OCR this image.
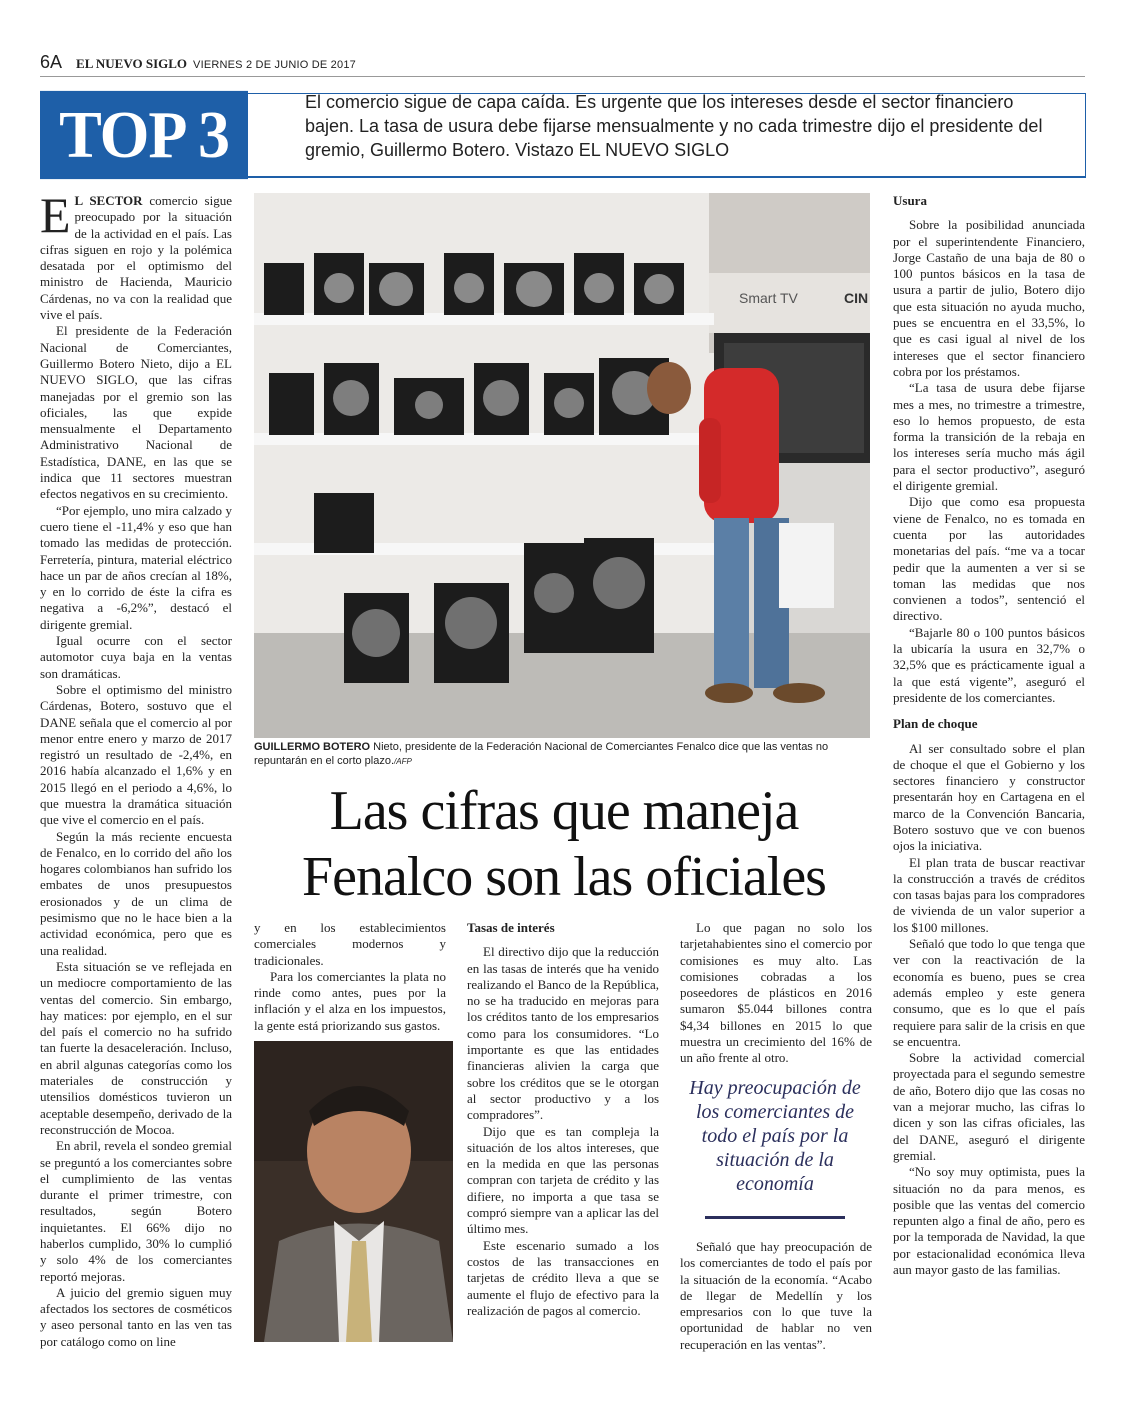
6A EL NUEVO SIGLO VIERNES 2 DE JUNIO DE 2017
TOP 3	El comercio sigue de capa caída. Es urgente que los intereses desde el sector financiero bajen. La tasa de usura debe fijarse mensualmente y no cada trimestre dijo el presidente del gremio, Guillermo Botero. Vistazo EL NUEVO SIGLO

E L SECTOR comercio sigue preocupado por la situación de la actividad en el país. Las cifras siguen en rojo y la polémica desatada por el optimismo del ministro de Hacienda, Mauricio Cárdenas, no va con la realidad que vive el país.

El presidente de la Federación Nacional de Comerciantes, Guillermo Botero Nieto, dijo a EL NUEVO SIGLO, que las cifras manejadas por el gremio son las oficiales, las que expide mensualmente el Departamento Administrativo Nacional de Estadística, DANE, en las que se indica que 11 sectores muestran efectos negativos en su crecimiento.

“Por ejemplo, uno mira calzado y cuero tiene el -11,4% y eso que han tomado las medidas de protección. Ferretería, pintura, material eléctrico hace un par de años crecían al 18%, y en lo corrido de éste la cifra es negativa a -6,2%”, destacó el dirigente gremial.

Igual ocurre con el sector automotor cuya baja en la ventas son dramáticas.

Sobre el optimismo del ministro Cárdenas, Botero, sostuvo que el DANE señala que el comercio al por menor entre enero y marzo de 2017 registró un resultado de -2,4%, en 2016 había alcanzado el 1,6% y en 2015 llegó en el periodo a 4,6%, lo que muestra la dramática situación que vive el comercio en el país.

Según la más reciente encuesta de Fenalco, en lo corrido del año los hogares colombianos han sufrido los embates de unos presupuestos erosionados y de un clima de pesimismo que no le hace bien a la actividad económica, pero que es una realidad.

Esta situación se ve reflejada en un mediocre comportamiento de las ventas del comercio. Sin embargo, hay matices: por ejemplo, en el sur del país el comercio no ha sufrido tan fuerte la desaceleración. Incluso, en abril algunas categorías como los materiales de construcción y utensilios domésticos tuvieron un aceptable desempeño, derivado de la reconstrucción de Mocoa.

En abril, revela el sondeo gremial se preguntó a los comerciantes sobre el cumplimiento de las ventas durante el primer trimestre, con resultados, según Botero inquietantes. El 66% dijo no haberlos cumplido, 30% lo cumplió y solo 4% de los comerciantes reportó mejoras.

A juicio del gremio siguen muy afectados los sectores de cosméticos y aseo personal tanto en las ven tas por catálogo como on line

Smart TV	CIN
GUILLERMO BOTERO Nieto, presidente de la Federación Nacional de Comerciantes Fenalco dice que las ventas no repuntarán en el corto plazo./AFP
Las cifras que maneja Fenalco son las oficiales

y en los establecimientos comerciales modernos y tradicionales.

Para los comerciantes la plata no rinde como antes, pues por la inflación y el alza en los impuestos, la gente está priorizando sus gastos.

Tasas de interés

El directivo dijo que la reducción en las tasas de interés que ha venido realizando el Banco de la República, no se ha traducido en mejoras para los créditos tanto de los empresarios como para los consumidores. “Lo importante es que las entidades financieras alivien la carga que sobre los créditos que se le otorgan al sector productivo y a los compradores”.

Dijo que es tan compleja la situación de los altos intereses, que en la medida en que las personas compran con tarjeta de crédito y las difiere, no importa a que tasa se compró siempre van a aplicar las del último mes.

Este escenario sumado a los costos de las transacciones en tarjetas de crédito lleva a que se aumente el flujo de efectivo para la realización de pagos al comercio.

Lo que pagan no solo los tarjetahabientes sino el comercio por comisiones es muy alto. Las comisiones cobradas a los poseedores de plásticos en 2016 sumaron $5.044 billones contra $4,34 billones en 2015 lo que muestra un crecimiento del 16% de un año frente al otro.

Hay preocupación de los comerciantes de todo el país por la situación de la economía

Señaló que hay preocupación de los comerciantes de todo el país por la situación de la economía. “Acabo de llegar de Medellín y los empresarios con lo que tuve la oportunidad de hablar no ven recuperación en las ventas”.

Usura

Sobre la posibilidad anunciada por el superintendente Financiero, Jorge Castaño de una baja de 80 o 100 puntos básicos en la tasa de usura a partir de julio, Botero dijo que esta situación no ayuda mucho, pues se encuentra en el 33,5%, lo que es casi igual al nivel de los intereses que el sector financiero cobra por los préstamos.

“La tasa de usura debe fijarse mes a mes, no trimestre a trimestre, eso lo hemos propuesto, de esta forma la transición de la rebaja en los intereses sería mucho más ágil para el sector productivo”, aseguró el dirigente gremial.

Dijo que como esa propuesta viene de Fenalco, no es tomada en cuenta por las autoridades monetarias del país. “me va a tocar pedir que la aumenten a ver si se toman las medidas que nos convienen a todos”, sentenció el directivo.

“Bajarle 80 o 100 puntos básicos la ubicaría la usura en 32,7% o 32,5% que es prácticamente igual a la que está vigente”, aseguró el presidente de los comerciantes.

Plan de choque

Al ser consultado sobre el plan de choque el que el Gobierno y los sectores financiero y constructor presentarán hoy en Cartagena en el marco de la Convención Bancaria, Botero sostuvo que ve con buenos ojos la iniciativa.

El plan trata de buscar reactivar la construcción a través de créditos con tasas bajas para los compradores de vivienda de un valor superior a los $100 millones.

Señaló que todo lo que tenga que ver con la reactivación de la economía es bueno, pues se crea además empleo y este genera consumo, que es lo que el país requiere para salir de la crisis en que se encuentra.

Sobre la actividad comercial proyectada para el segundo semestre de año, Botero dijo que las cosas no van a mejorar mucho, las cifras lo dicen y son las cifras oficiales, las del DANE, aseguró el dirigente gremial.

“No soy muy optimista, pues la situación no da para menos, es posible que las ventas del comercio repunten algo a final de año, pero es por la temporada de Navidad, la que por estacionalidad económica lleva aun mayor gasto de las familias.
